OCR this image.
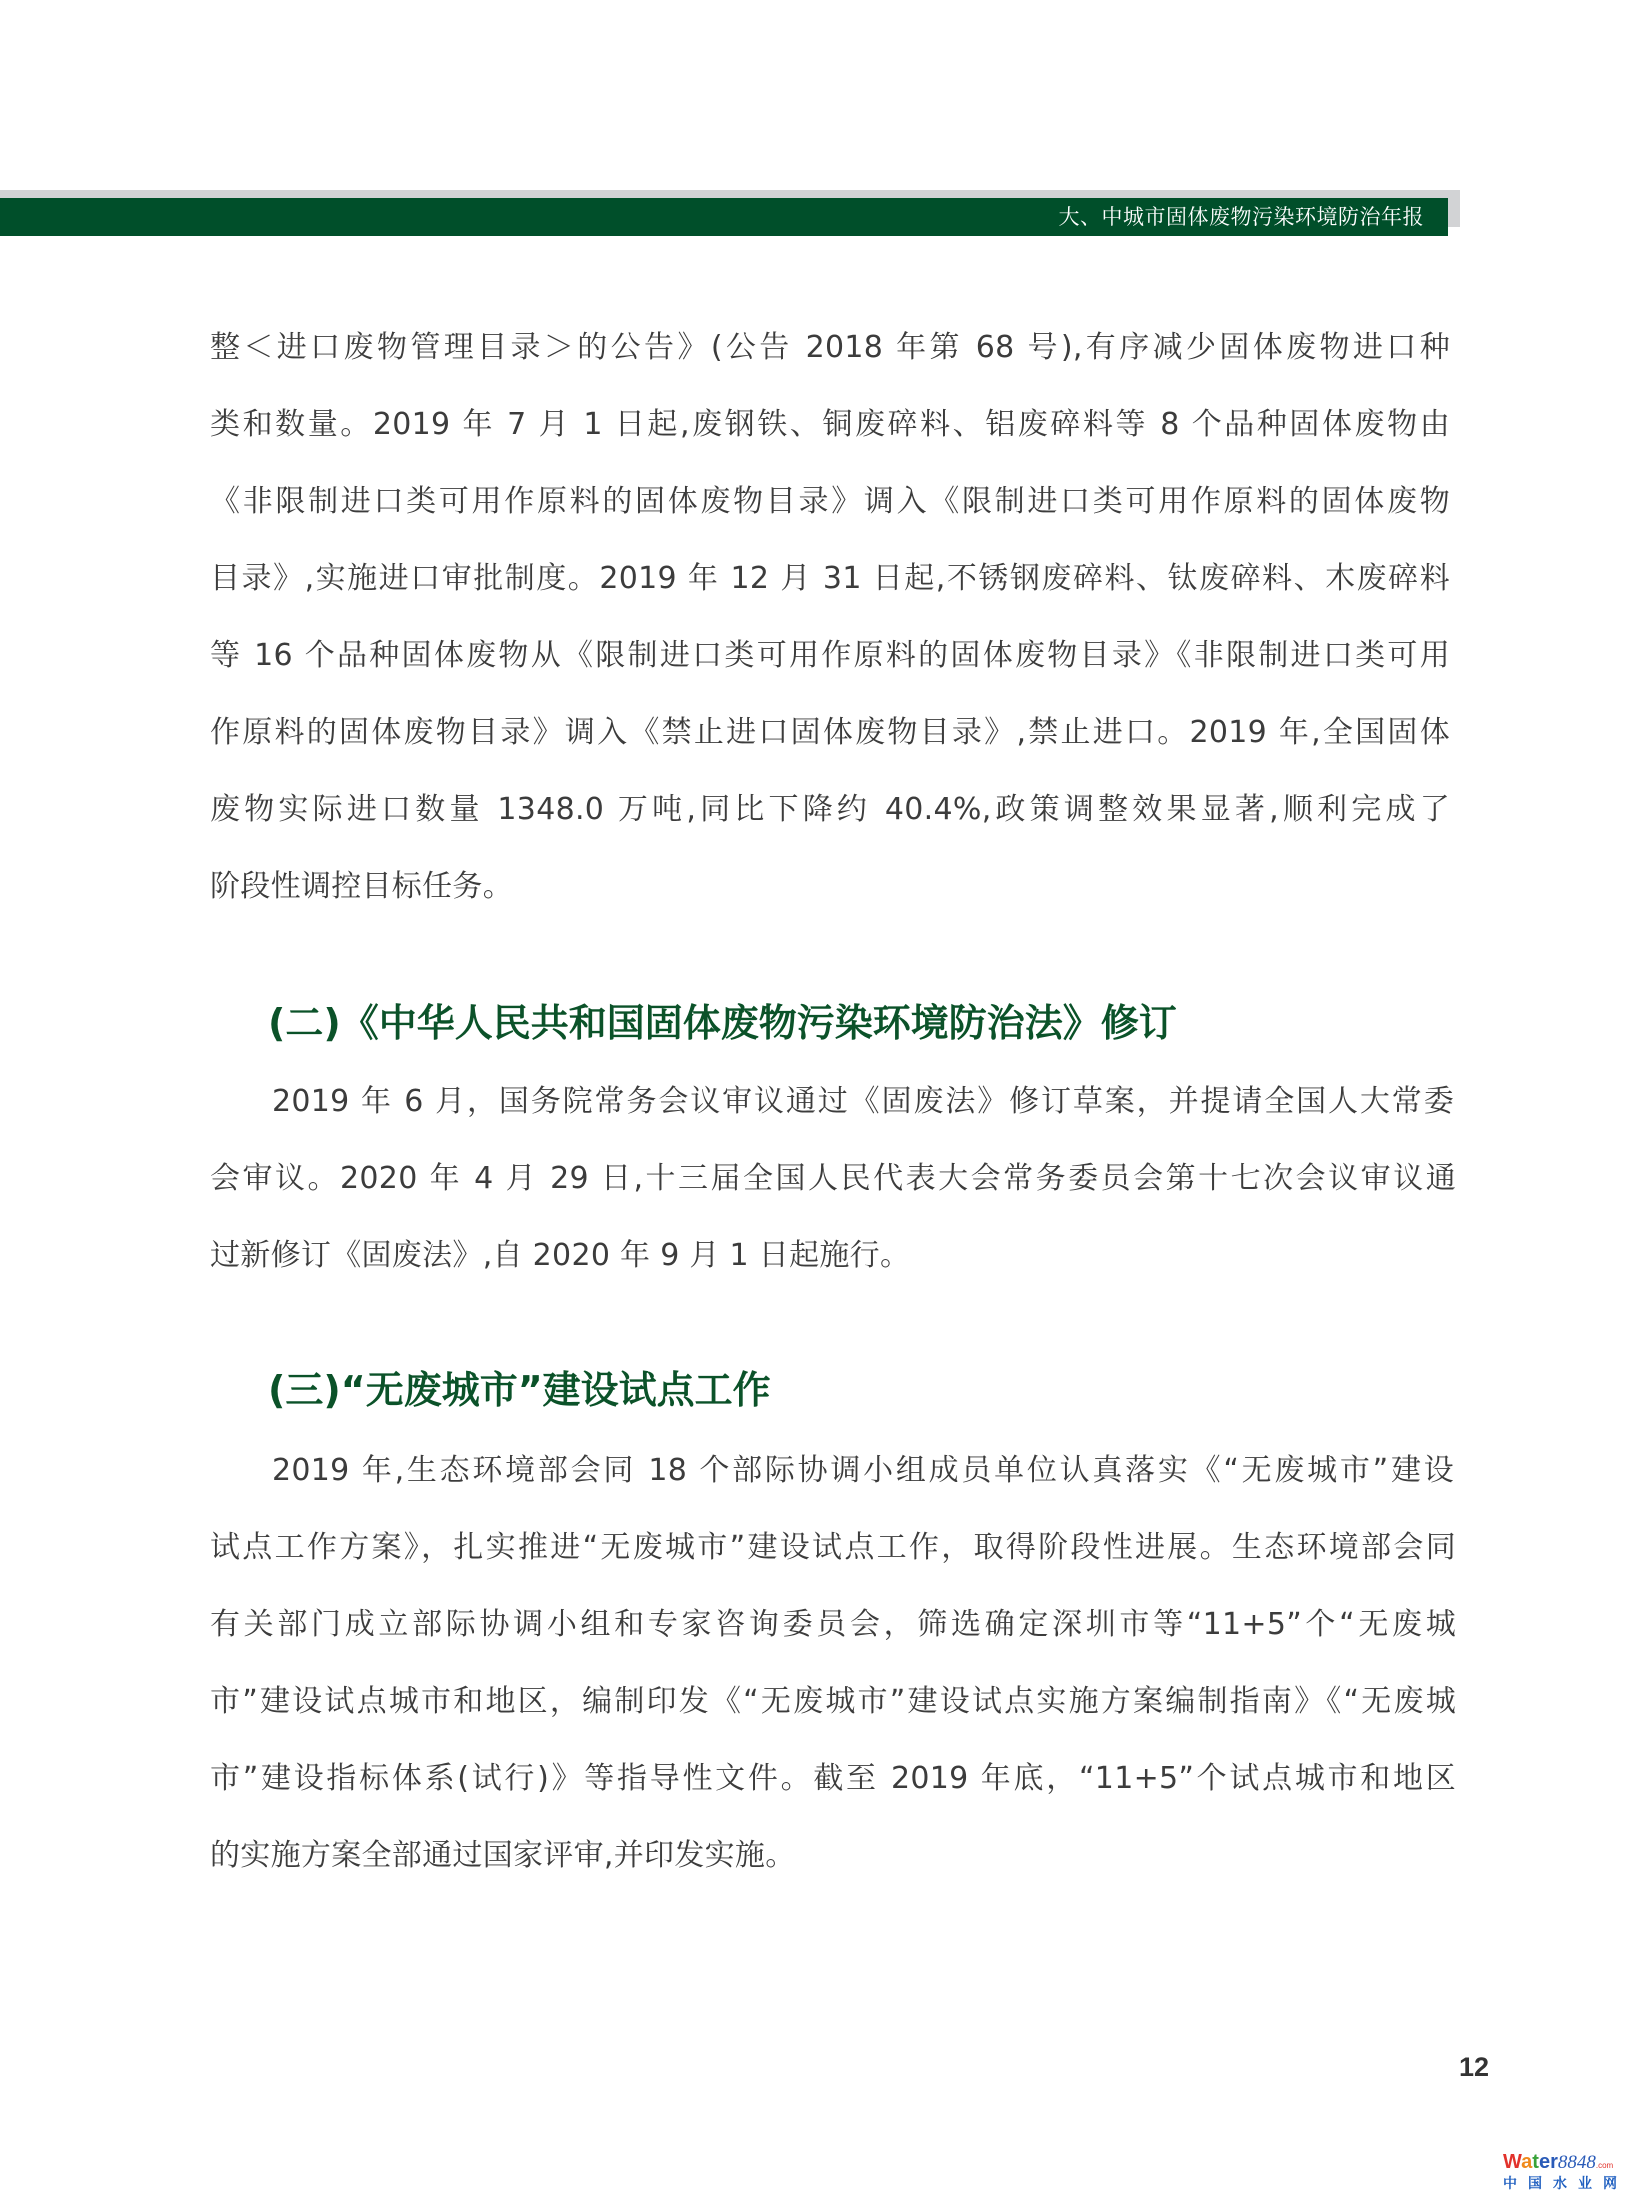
大、中城市固体废物污染环境防治年报
整＜进口废物管理目录＞的公告》(公告 2018 年第 68 号),有序减少固体废物进口种
类和数量。2019 年 7 月 1 日起,废钢铁、铜废碎料、铝废碎料等 8 个品种固体废物由
《非限制进口类可用作原料的固体废物目录》调入《限制进口类可用作原料的固体废物
目录》,实施进口审批制度。2019 年 12 月 31 日起,不锈钢废碎料、钛废碎料、木废碎料
等 16 个品种固体废物从《限制进口类可用作原料的固体废物目录》《非限制进口类可用
作原料的固体废物目录》调入《禁止进口固体废物目录》,禁止进口。2019 年,全国固体
废物实际进口数量 1348.0 万吨,同比下降约 40.4%,政策调整效果显著,顺利完成了
阶段性调控目标任务。
(二)《中华人民共和国固体废物污染环境防治法》修订
2019 年 6 月，国务院常务会议审议通过《固废法》修订草案，并提请全国人大常委
会审议。2020 年 4 月 29 日,十三届全国人民代表大会常务委员会第十七次会议审议通
过新修订《固废法》,自 2020 年 9 月 1 日起施行。
(三)“无废城市”建设试点工作
2019 年,生态环境部会同 18 个部际协调小组成员单位认真落实《“无废城市”建设
试点工作方案》，扎实推进“无废城市”建设试点工作，取得阶段性进展。生态环境部会同
有关部门成立部际协调小组和专家咨询委员会，筛选确定深圳市等“11+5”个“无废城
市”建设试点城市和地区，编制印发《“无废城市”建设试点实施方案编制指南》《“无废城
市”建设指标体系(试行)》等指导性文件。截至 2019 年底，“11+5”个试点城市和地区
的实施方案全部通过国家评审,并印发实施。
12
Water8848.com
中国水业网
